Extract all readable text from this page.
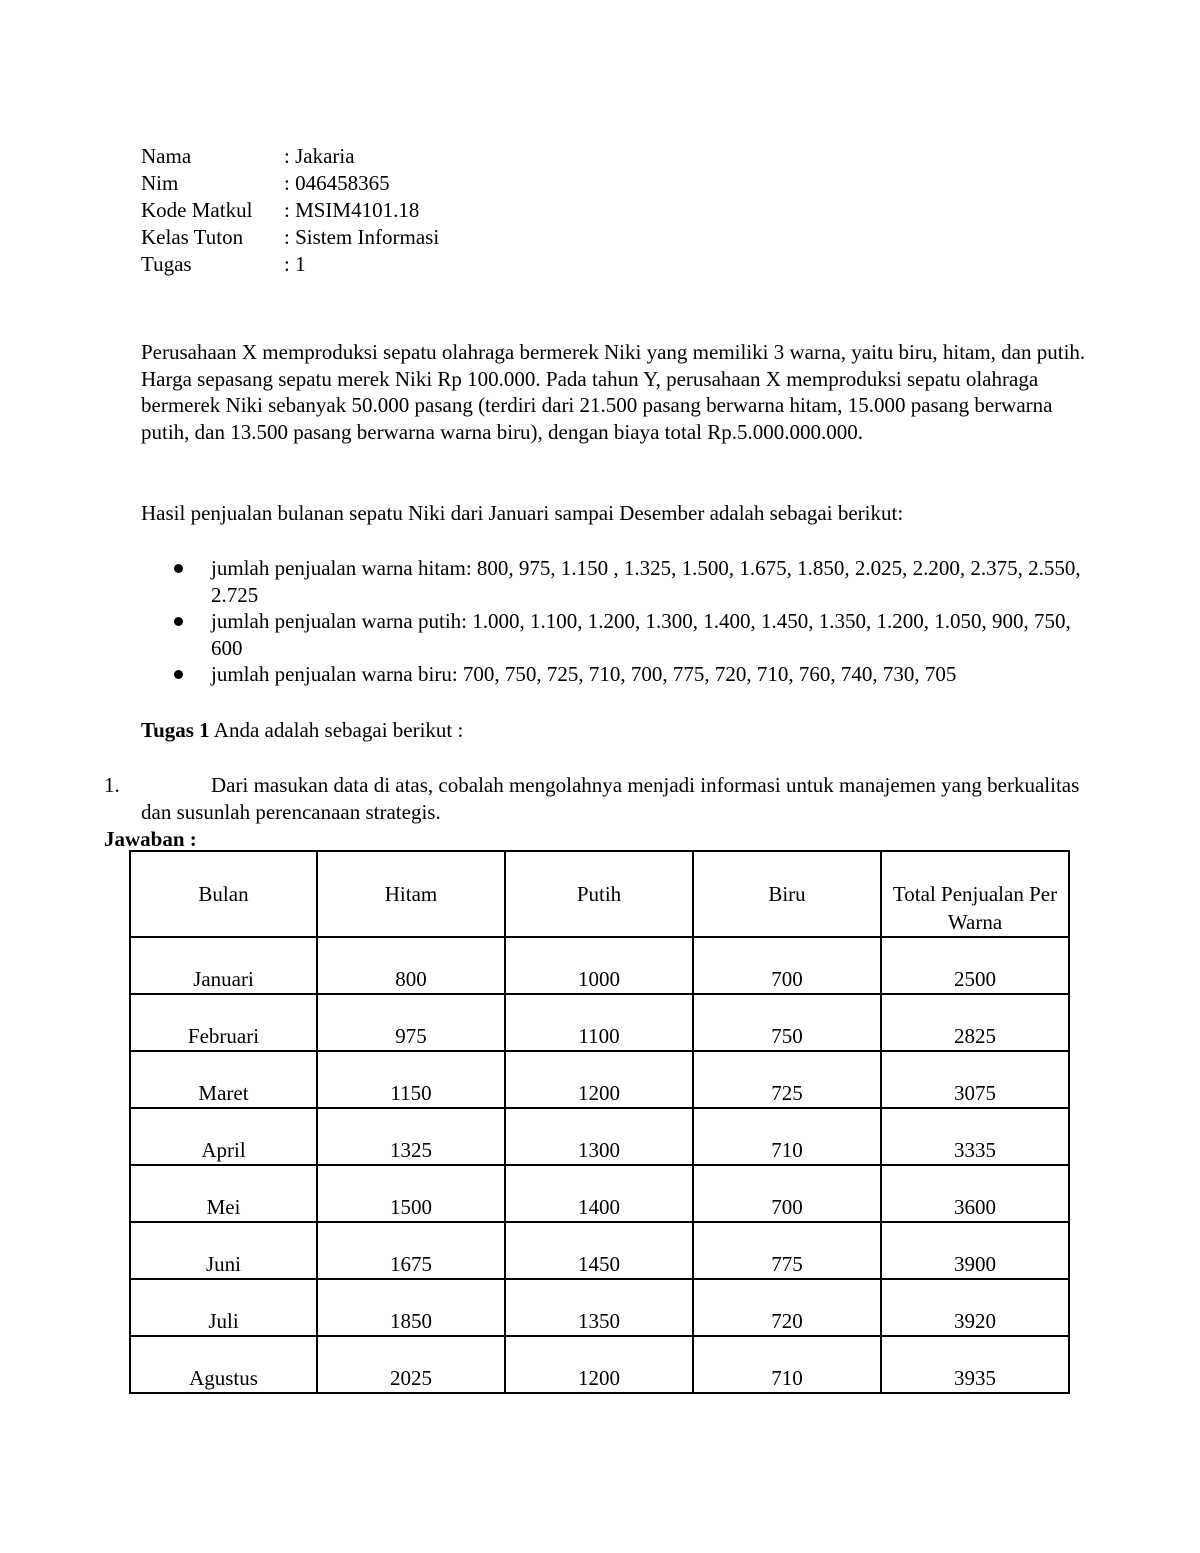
Nama	: Jakaria
Nim	: 046458365
Kode Matkul	: MSIM4101.18
Kelas Tuton	: Sistem Informasi
Tugas	: 1
Perusahaan X memproduksi sepatu olahraga bermerek Niki yang memiliki 3 warna, yaitu biru, hitam, dan putih. Harga sepasang sepatu merek Niki Rp 100.000. Pada tahun Y, perusahaan X memproduksi sepatu olahraga bermerek Niki sebanyak 50.000 pasang (terdiri dari 21.500 pasang berwarna hitam, 15.000 pasang berwarna putih, dan 13.500 pasang berwarna warna biru), dengan biaya total Rp.5.000.000.000.
Hasil penjualan bulanan sepatu Niki dari Januari sampai Desember adalah sebagai berikut:
jumlah penjualan warna hitam: 800, 975, 1.150 , 1.325, 1.500, 1.675, 1.850, 2.025, 2.200, 2.375, 2.550, 2.725
jumlah penjualan warna putih: 1.000, 1.100, 1.200, 1.300, 1.400, 1.450, 1.350, 1.200, 1.050, 900, 750, 600
jumlah penjualan warna biru: 700, 750, 725, 710, 700, 775, 720, 710, 760, 740, 730, 705
Tugas 1 Anda adalah sebagai berikut :
1.	Dari masukan data di atas, cobalah mengolahnya menjadi informasi untuk manajemen yang berkualitas dan susunlah perencanaan strategis.
Jawaban :
Bulan	Hitam	Putih	Biru	Total Penjualan Per Warna
Januari	800	1000	700	2500
Februari	975	1100	750	2825
Maret	1150	1200	725	3075
April	1325	1300	710	3335
Mei	1500	1400	700	3600
Juni	1675	1450	775	3900
Juli	1850	1350	720	3920
Agustus	2025	1200	710	3935
